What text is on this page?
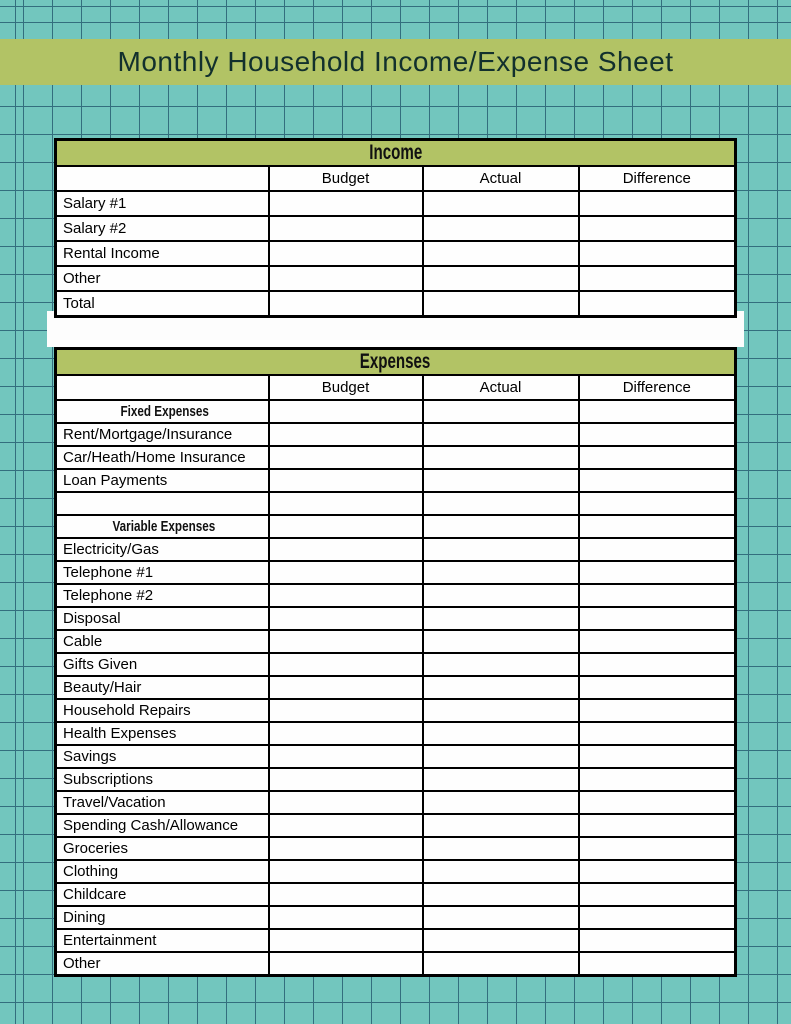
Monthly Household Income/Expense Sheet
Income			
	Budget	Actual	Difference
Salary #1			
Salary #2			
Rental Income			
Other			
Total			
Expenses			
	Budget	Actual	Difference
Fixed Expenses			
Rent/Mortgage/Insurance			
Car/Heath/Home Insurance			
Loan Payments			

Variable Expenses			
Electricity/Gas			
Telephone #1			
Telephone #2			
Disposal			
Cable			
Gifts Given			
Beauty/Hair			
Household Repairs			
Health Expenses			
Savings			
Subscriptions			
Travel/Vacation			
Spending Cash/Allowance			
Groceries			
Clothing			
Childcare			
Dining			
Entertainment			
Other			
